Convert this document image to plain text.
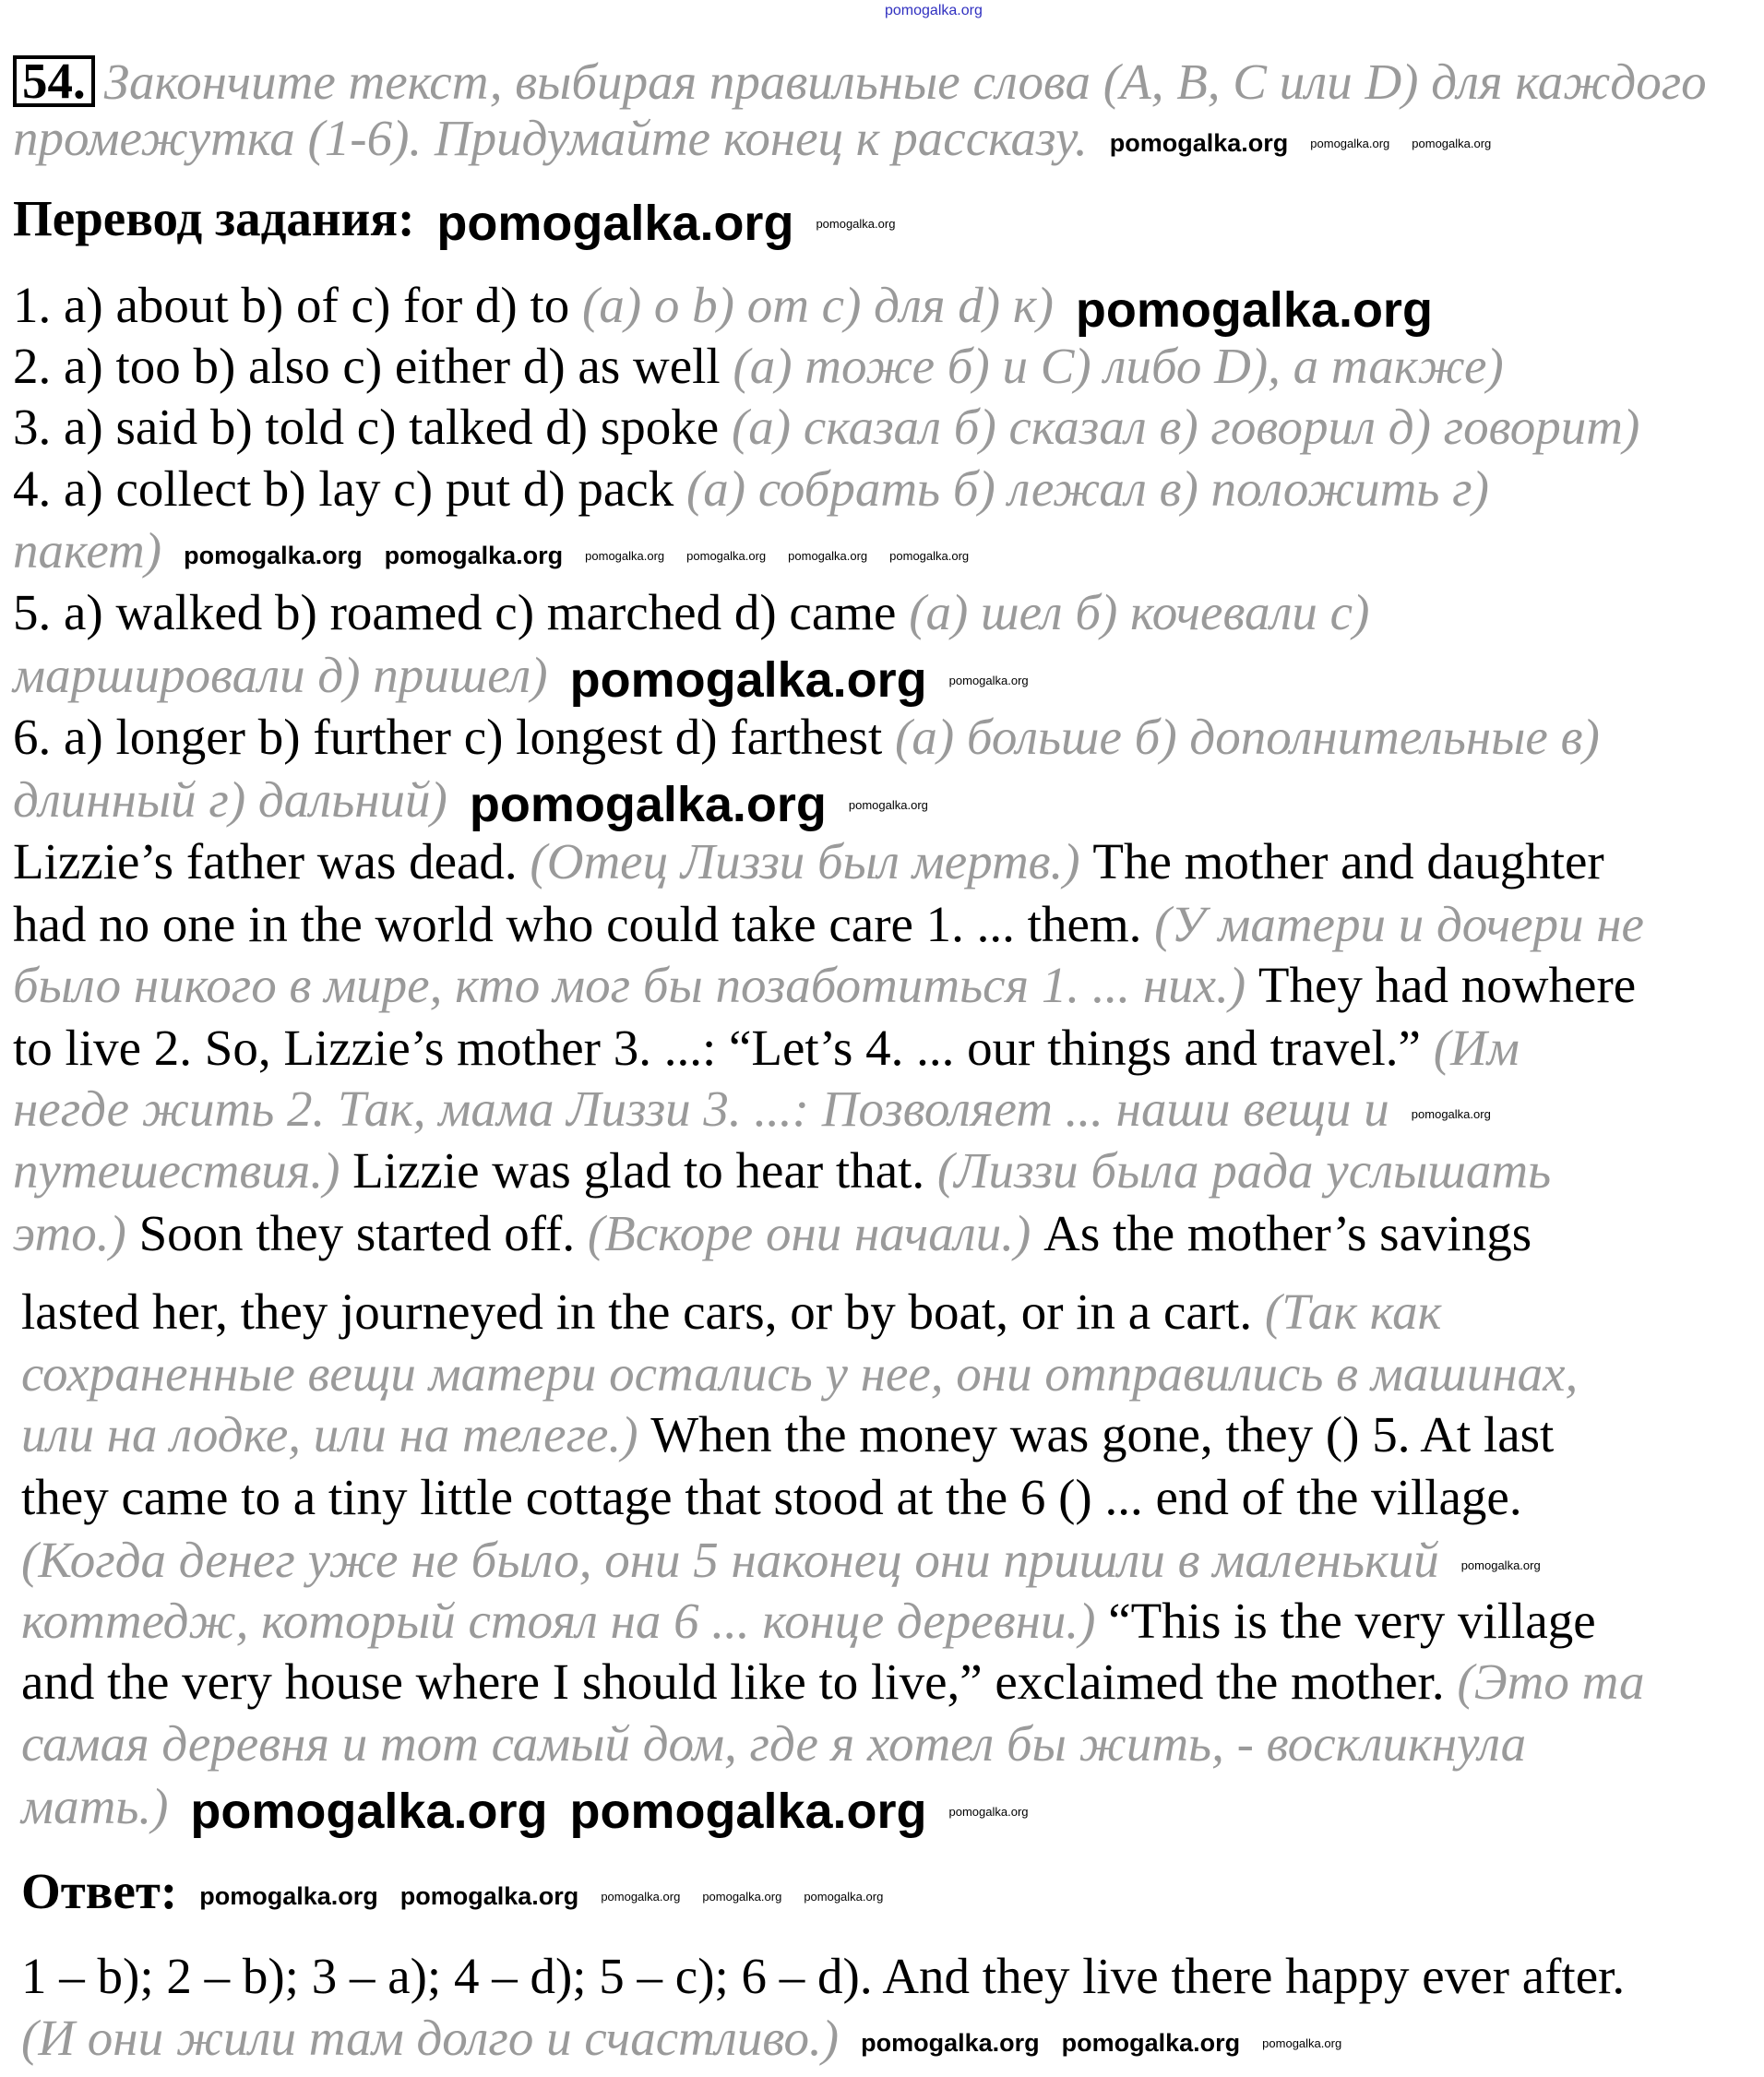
pomogalka.org
54. Закончите текст, выбирая правильные слова (A, B, C или D) для каждого
промежутка (1-6). Придумайте конец к рассказу. pomogalka.org pomogalka.org pomogalka.org
Перевод задания: pomogalka.org pomogalka.org
1. a) about b) of c) for d) to (а) о b) от с) для d) к) pomogalka.org
2. a) too b) also c) either d) as well (а) тоже б) и С) либо D), а также)
3. a) said b) told c) talked d) spoke (а) сказал б) сказал в) говорил д) говорит)
4. a) collect b) lay c) put d) pack (а) собрать б) лежал в) положить г)
пакет) pomogalka.org pomogalka.org pomogalka.org pomogalka.org pomogalka.org pomogalka.org
5. a) walked b) roamed c) marched d) came (а) шел б) кочевали с)
маршировали д) пришел) pomogalka.org pomogalka.org
6. a) longer b) further c) longest d) farthest (а) больше б) дополнительные в)
длинный г) дальний) pomogalka.org pomogalka.org
Lizzie’s father was dead. (Отец Лиззи был мертв.) The mother and daughter
had no one in the world who could take care 1. ... them. (У матери и дочери не
было никого в мире, кто мог бы позаботиться 1. ... них.) They had nowhere
to live 2. So, Lizzie’s mother 3. ...: “Let’s 4. ... our things and travel.” (Им
негде жить 2. Так, мама Лиззи 3. ...: Позволяет ... наши вещи и pomogalka.org
путешествия.) Lizzie was glad to hear that. (Лиззи была рада услышать
это.) Soon they started off. (Вскоре они начали.) As the mother’s savings
lasted her, they journeyed in the cars, or by boat, or in a cart. (Так как
сохраненные вещи матери остались у нее, они отправились в машинах,
или на лодке, или на телеге.) When the money was gone, they () 5. At last
they came to a tiny little cottage that stood at the 6 () ... end of the village.
(Когда денег уже не было, они 5 наконец они пришли в маленький pomogalka.org
коттедж, который стоял на 6 ... конце деревни.) “This is the very village
and the very house where I should like to live,” exclaimed the mother. (Это та
самая деревня и тот самый дом, где я хотел бы жить, - воскликнула
мать.) pomogalka.org pomogalka.org pomogalka.org
Ответ: pomogalka.org pomogalka.org pomogalka.org pomogalka.org pomogalka.org
1 – b); 2 – b); 3 – a); 4 – d); 5 – c); 6 – d). And they live there happy ever after.
(И они жили там долго и счастливо.) pomogalka.org pomogalka.org pomogalka.org
